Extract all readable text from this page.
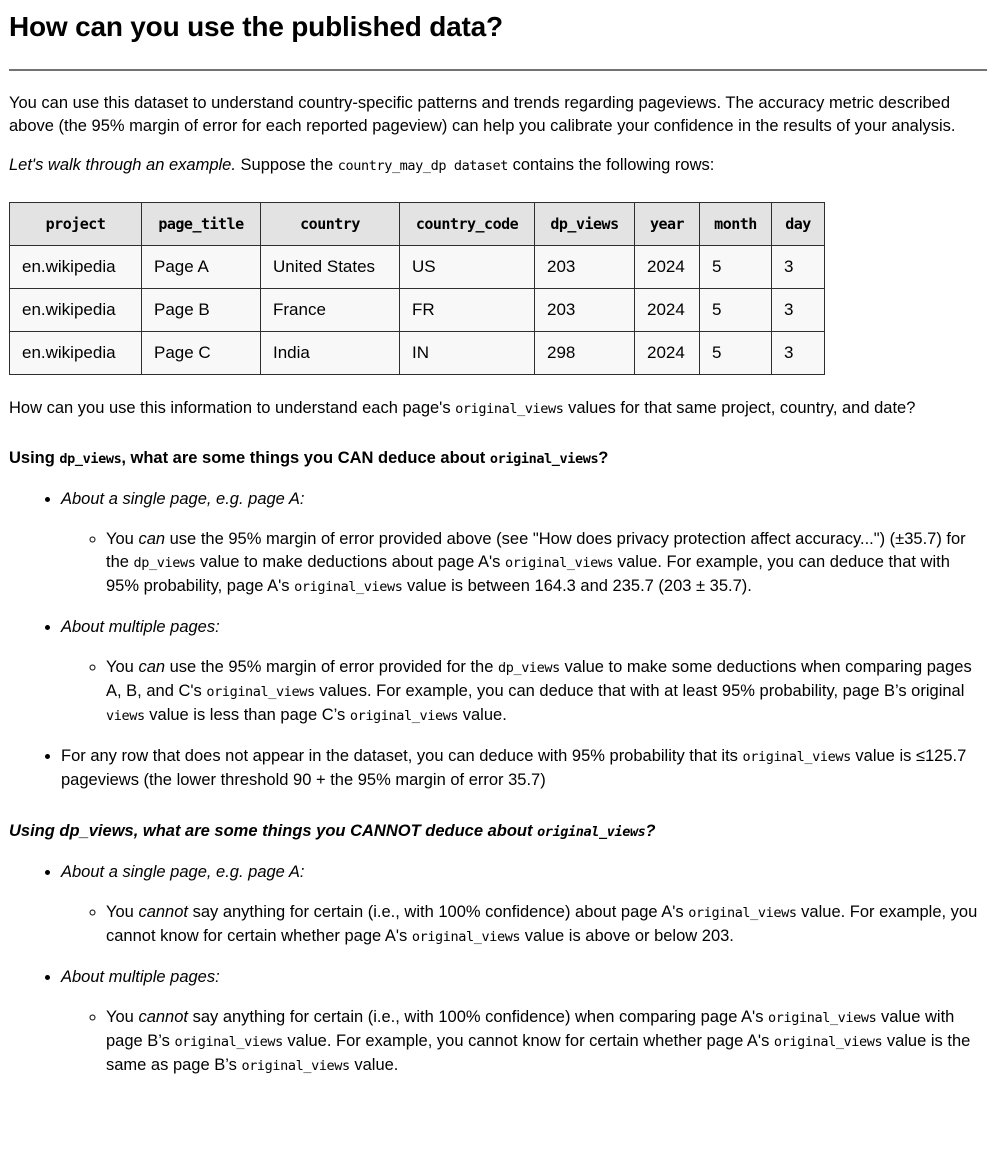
How can you use the published data?

You can use this dataset to understand country-specific patterns and trends regarding pageviews. The accuracy metric described above (the 95% margin of error for each reported pageview) can help you calibrate your confidence in the results of your analysis.

Let's walk through an example. Suppose the country_may_dp dataset contains the following rows:

project	page_title	country	country_code	dp_views	year	month	day
en.wikipedia	Page A	United States	US	203	2024	5	3
en.wikipedia	Page B	France	FR	203	2024	5	3
en.wikipedia	Page C	India	IN	298	2024	5	3

How can you use this information to understand each page's original_views values for that same project, country, and date?

Using dp_views, what are some things you CAN deduce about original_views?

• About a single page, e.g. page A:
◦ You can use the 95% margin of error provided above (see "How does privacy protection affect accuracy...") (±35.7) for the dp_views value to make deductions about page A's original_views value. For example, you can deduce that with 95% probability, page A's original_views value is between 164.3 and 235.7 (203 ± 35.7).
• About multiple pages:
◦ You can use the 95% margin of error provided for the dp_views value to make some deductions when comparing pages A, B, and C's original_views values. For example, you can deduce that with at least 95% probability, page B’s original views value is less than page C’s original_views value.
• For any row that does not appear in the dataset, you can deduce with 95% probability that its original_views value is ≤125.7 pageviews (the lower threshold 90 + the 95% margin of error 35.7)

Using dp_views, what are some things you CANNOT deduce about original_views?

• About a single page, e.g. page A:
◦ You cannot say anything for certain (i.e., with 100% confidence) about page A's original_views value. For example, you cannot know for certain whether page A's original_views value is above or below 203.
• About multiple pages:
◦ You cannot say anything for certain (i.e., with 100% confidence) when comparing page A's original_views value with page B’s original_views value. For example, you cannot know for certain whether page A's original_views value is the same as page B’s original_views value.
